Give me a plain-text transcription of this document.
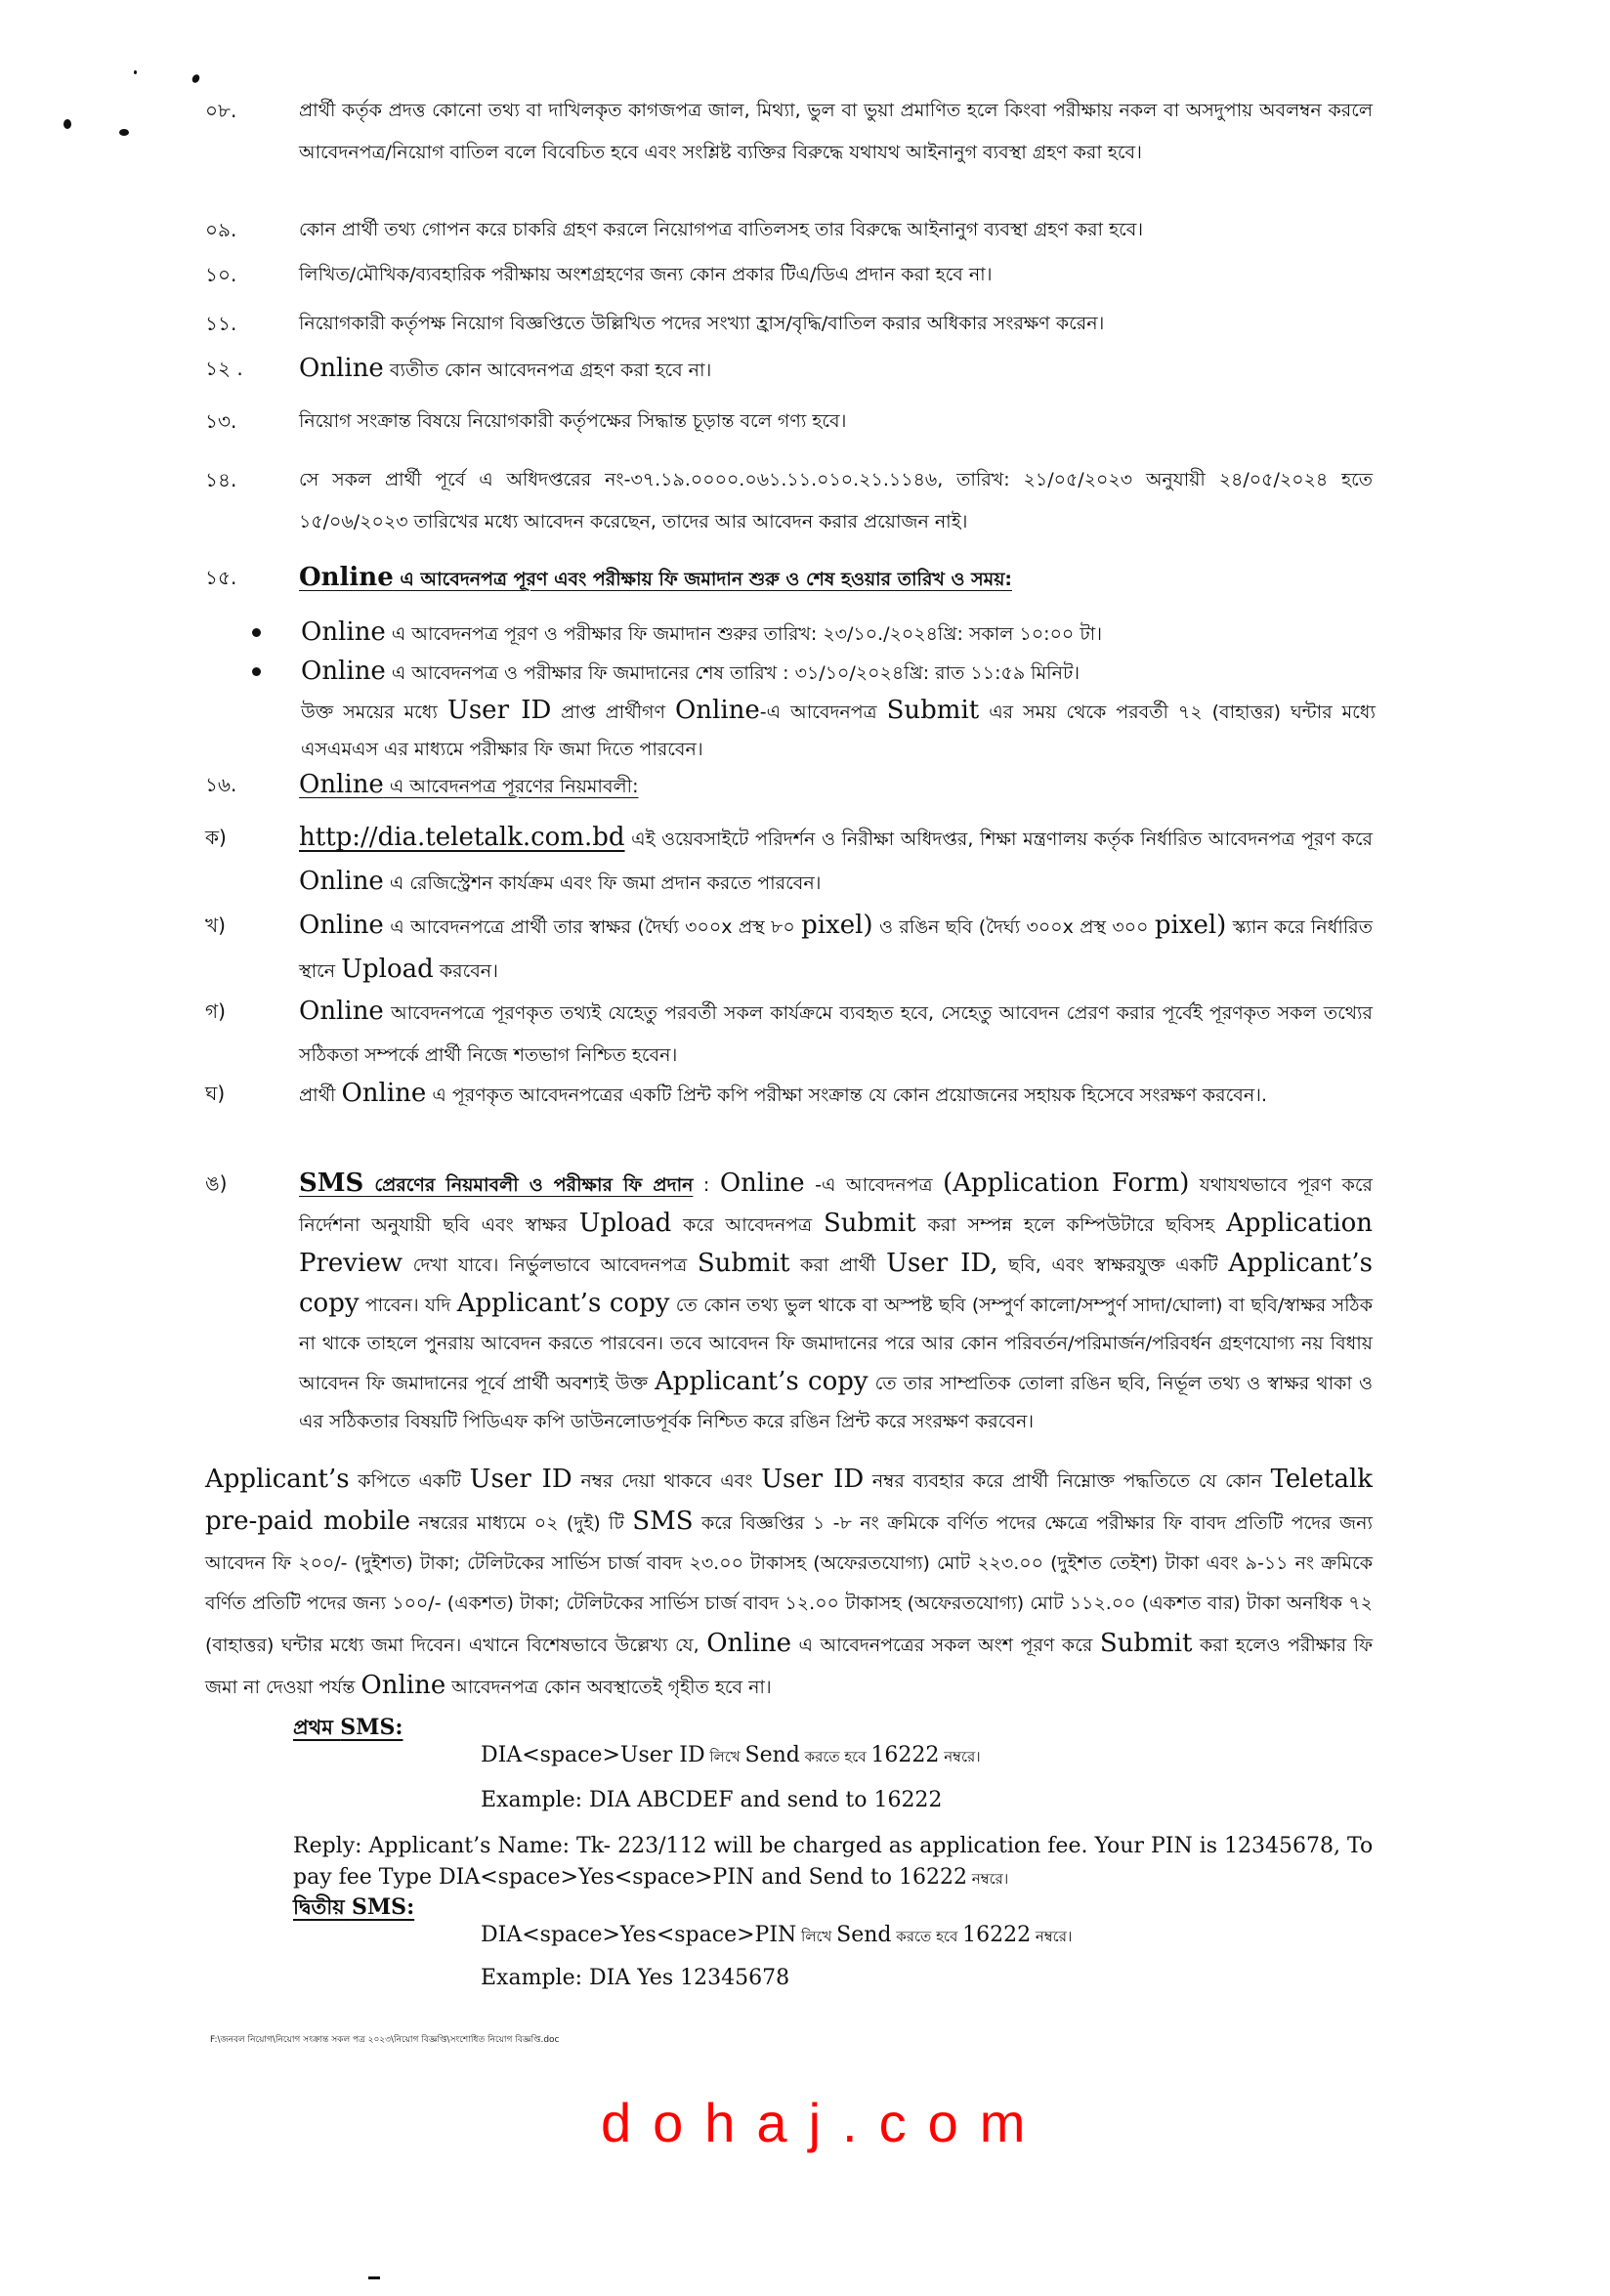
০৮.	প্রার্থী কর্তৃক প্রদত্ত কোনো তথ্য বা দাখিলকৃত কাগজপত্র জাল, মিথ্যা, ভুল বা ভুয়া প্রমাণিত হলে কিংবা পরীক্ষায় নকল বা অসদুপায় অবলম্বন করলে আবেদনপত্র/নিয়োগ বাতিল বলে বিবেচিত হবে এবং সংশ্লিষ্ট ব্যক্তির বিরুদ্ধে যথাযথ আইনানুগ ব্যবস্থা গ্রহণ করা হবে।
০৯.	কোন প্রার্থী তথ্য গোপন করে চাকরি গ্রহণ করলে নিয়োগপত্র বাতিলসহ তার বিরুদ্ধে আইনানুগ ব্যবস্থা গ্রহণ করা হবে।
১০.	লিখিত/মৌখিক/ব্যবহারিক পরীক্ষায় অংশগ্রহণের জন্য কোন প্রকার টিএ/ডিএ প্রদান করা হবে না।
১১.	নিয়োগকারী কর্তৃপক্ষ নিয়োগ বিজ্ঞপ্তিতে উল্লিখিত পদের সংখ্যা হ্রাস/বৃদ্ধি/বাতিল করার অধিকার সংরক্ষণ করেন।
১২ .	Online ব্যতীত কোন আবেদনপত্র গ্রহণ করা হবে না।
১৩.	নিয়োগ সংক্রান্ত বিষয়ে নিয়োগকারী কর্তৃপক্ষের সিদ্ধান্ত চূড়ান্ত বলে গণ্য হবে।
১৪.	সে সকল প্রার্থী পূর্বে এ অধিদপ্তরের নং-৩৭.১৯.০০০০.০৬১.১১.০১০.২১.১১৪৬, তারিখ: ২১/০৫/২০২৩ অনুযায়ী ২৪/০৫/২০২৪ হতে ১৫/০৬/২০২৩ তারিখের মধ্যে আবেদন করেছেন, তাদের আর আবেদন করার প্রয়োজন নাই।
১৫.	Online এ আবেদনপত্র পূরণ এবং পরীক্ষায় ফি জমাদান শুরু ও শেষ হওয়ার তারিখ ও সময়:
Online এ আবেদনপত্র পূরণ ও পরীক্ষার ফি জমাদান শুরুর তারিখ: ২৩/১০./২০২৪খ্রি: সকাল ১০:০০ টা।
Online এ আবেদনপত্র ও পরীক্ষার ফি জমাদানের শেষ তারিখ : ৩১/১০/২০২৪খ্রি: রাত ১১:৫৯ মিনিট।
উক্ত সময়ের মধ্যে User ID প্রাপ্ত প্রার্থীগণ Online-এ আবেদনপত্র Submit এর সময় থেকে পরবর্তী ৭২ (বাহাত্তর) ঘন্টার মধ্যে এসএমএস এর মাধ্যমে পরীক্ষার ফি জমা দিতে পারবেন।
১৬.	Online এ আবেদনপত্র পূরণের নিয়মাবলী:
ক)	http://dia.teletalk.com.bd এই ওয়েবসাইটে পরিদর্শন ও নিরীক্ষা অধিদপ্তর, শিক্ষা মন্ত্রণালয় কর্তৃক নির্ধারিত আবেদনপত্র পূরণ করে Online এ রেজিস্ট্রেশন কার্যক্রম এবং ফি জমা প্রদান করতে পারবেন।
খ)	Online এ আবেদনপত্রে প্রার্থী তার স্বাক্ষর (দৈর্ঘ্য ৩০০x প্রস্থ ৮০ pixel) ও রঙিন ছবি (দৈর্ঘ্য ৩০০x প্রস্থ ৩০০ pixel) স্ক্যান করে নির্ধারিত স্থানে Upload করবেন।
গ)	Online আবেদনপত্রে পূরণকৃত তথ্যই যেহেতু পরবর্তী সকল কার্যক্রমে ব্যবহৃত হবে, সেহেতু আবেদন প্রেরণ করার পূর্বেই পূরণকৃত সকল তথ্যের সঠিকতা সম্পর্কে প্রার্থী নিজে শতভাগ নিশ্চিত হবেন।
ঘ)	প্রার্থী Online এ পূরণকৃত আবেদনপত্রের একটি প্রিন্ট কপি পরীক্ষা সংক্রান্ত যে কোন প্রয়োজনের সহায়ক হিসেবে সংরক্ষণ করবেন।.
ঙ)	SMS প্রেরণের নিয়মাবলী ও পরীক্ষার ফি প্রদান : Online -এ আবেদনপত্র (Application Form) যথাযথভাবে পূরণ করে নির্দেশনা অনুযায়ী ছবি এবং স্বাক্ষর Upload করে আবেদনপত্র Submit করা সম্পন্ন হলে কম্পিউটারে ছবিসহ Application Preview দেখা যাবে। নির্ভুলভাবে আবেদনপত্র Submit করা প্রার্থী User ID, ছবি, এবং স্বাক্ষরযুক্ত একটি Applicant’s copy পাবেন। যদি Applicant’s copy তে কোন তথ্য ভুল থাকে বা অস্পষ্ট ছবি (সম্পুর্ণ কালো/সম্পুর্ণ সাদা/ঘোলা) বা ছবি/স্বাক্ষর সঠিক না থাকে তাহলে পুনরায় আবেদন করতে পারবেন। তবে আবেদন ফি জমাদানের পরে আর কোন পরিবর্তন/পরিমার্জন/পরিবর্ধন গ্রহণযোগ্য নয় বিধায় আবেদন ফি জমাদানের পূর্বে প্রার্থী অবশ্যই উক্ত Applicant’s copy তে তার সাম্প্রতিক তোলা রঙিন ছবি, নির্ভূল তথ্য ও স্বাক্ষর থাকা ও এর সঠিকতার বিষয়টি পিডিএফ কপি ডাউনলোডপূর্বক নিশ্চিত করে রঙিন প্রিন্ট করে সংরক্ষণ করবেন।
Applicant’s কপিতে একটি User ID নম্বর দেয়া থাকবে এবং User ID নম্বর ব্যবহার করে প্রার্থী নিম্নোক্ত পদ্ধতিতে যে কোন Teletalk pre-paid mobile নম্বরের মাধ্যমে ০২ (দুই) টি SMS করে বিজ্ঞপ্তির ১ -৮ নং ক্রমিকে বর্ণিত পদের ক্ষেত্রে পরীক্ষার ফি বাবদ প্রতিটি পদের জন্য আবেদন ফি ২০০/- (দুইশত) টাকা; টেলিটকের সার্ভিস চার্জ বাবদ ২৩.০০ টাকাসহ (অফেরতযোগ্য) মোট ২২৩.০০ (দুইশত তেইশ) টাকা এবং ৯-১১ নং ক্রমিকে বর্ণিত প্রতিটি পদের জন্য ১০০/- (একশত) টাকা; টেলিটকের সার্ভিস চার্জ বাবদ ১২.০০ টাকাসহ (অফেরতযোগ্য) মোট ১১২.০০ (একশত বার) টাকা অনধিক ৭২ (বাহাত্তর) ঘন্টার মধ্যে জমা দিবেন। এখানে বিশেষভাবে উল্লেখ্য যে, Online এ আবেদনপত্রের সকল অংশ পূরণ করে Submit করা হলেও পরীক্ষার ফি জমা না দেওয়া পর্যন্ত Online আবেদনপত্র কোন অবস্থাতেই গৃহীত হবে না।
প্রথম SMS:
DIA<space>User ID লিখে Send করতে হবে 16222 নম্বরে।
Example: DIA ABCDEF and send to 16222
Reply: Applicant’s Name: Tk- 223/112 will be charged as application fee. Your PIN is 12345678, To pay fee Type DIA<space>Yes<space>PIN and Send to 16222 নম্বরে।
দ্বিতীয় SMS:
DIA<space>Yes<space>PIN লিখে Send করতে হবে 16222 নম্বরে।
Example: DIA Yes 12345678
F:\জনবল নিয়োগ\নিয়োগ সংক্রান্ত সকল পত্র ২০২৩\নিয়োগ বিজ্ঞপ্তি\সংশোধিত নিয়োগ বিজ্ঞপ্তি.doc
dohaj.com
